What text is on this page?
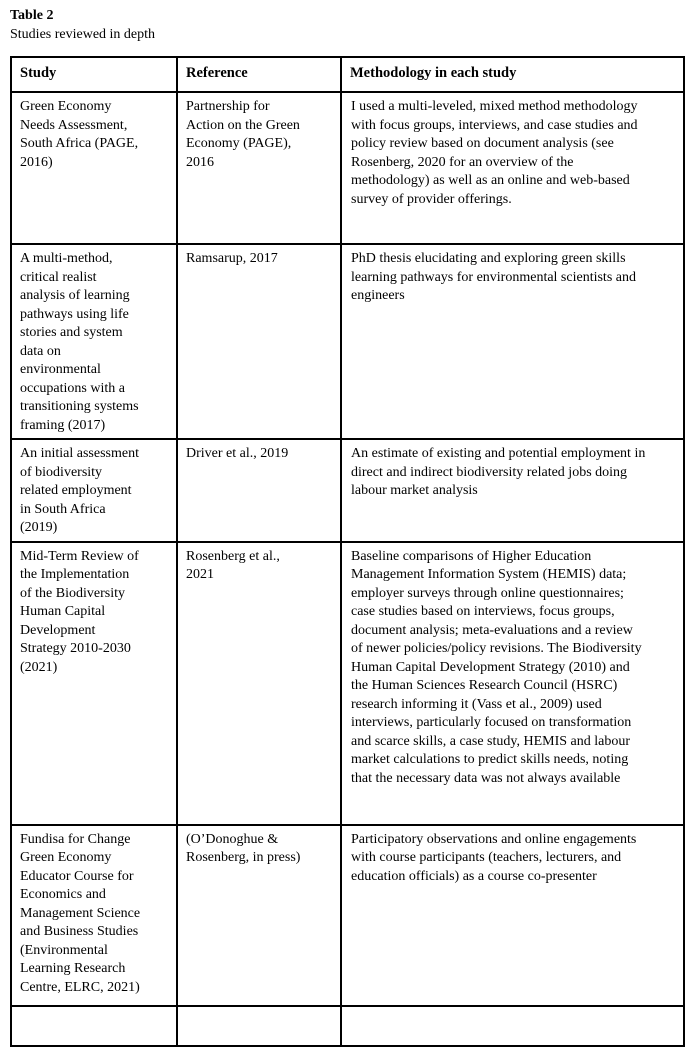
Table 2
Studies reviewed in depth
Study	Reference	Methodology in each study
Green Economy Needs Assessment, South Africa (PAGE, 2016)	Partnership for Action on the Green Economy (PAGE), 2016	I used a multi-leveled, mixed method methodology with focus groups, interviews, and case studies and policy review based on document analysis (see Rosenberg, 2020 for an overview of the methodology) as well as an online and web-based survey of provider offerings.
A multi-method, critical realist analysis of learning pathways using life stories and system data on environmental occupations with a transitioning systems framing (2017)	Ramsarup, 2017	PhD thesis elucidating and exploring green skills learning pathways for environmental scientists and engineers
An initial assessment of biodiversity related employment in South Africa (2019)	Driver et al., 2019	An estimate of existing and potential employment in direct and indirect biodiversity related jobs doing labour market analysis
Mid-Term Review of the Implementation of the Biodiversity Human Capital Development Strategy 2010-2030 (2021)	Rosenberg et al., 2021	Baseline comparisons of Higher Education Management Information System (HEMIS) data; employer surveys through online questionnaires; case studies based on interviews, focus groups, document analysis; meta-evaluations and a review of newer policies/policy revisions. The Biodiversity Human Capital Development Strategy (2010) and the Human Sciences Research Council (HSRC) research informing it (Vass et al., 2009) used interviews, particularly focused on transformation and scarce skills, a case study, HEMIS and labour market calculations to predict skills needs, noting that the necessary data was not always available
Fundisa for Change Green Economy Educator Course for Economics and Management Science and Business Studies (Environmental Learning Research Centre, ELRC, 2021)	(O’Donoghue & Rosenberg, in press)	Participatory observations and online engagements with course participants (teachers, lecturers, and education officials) as a course co-presenter
